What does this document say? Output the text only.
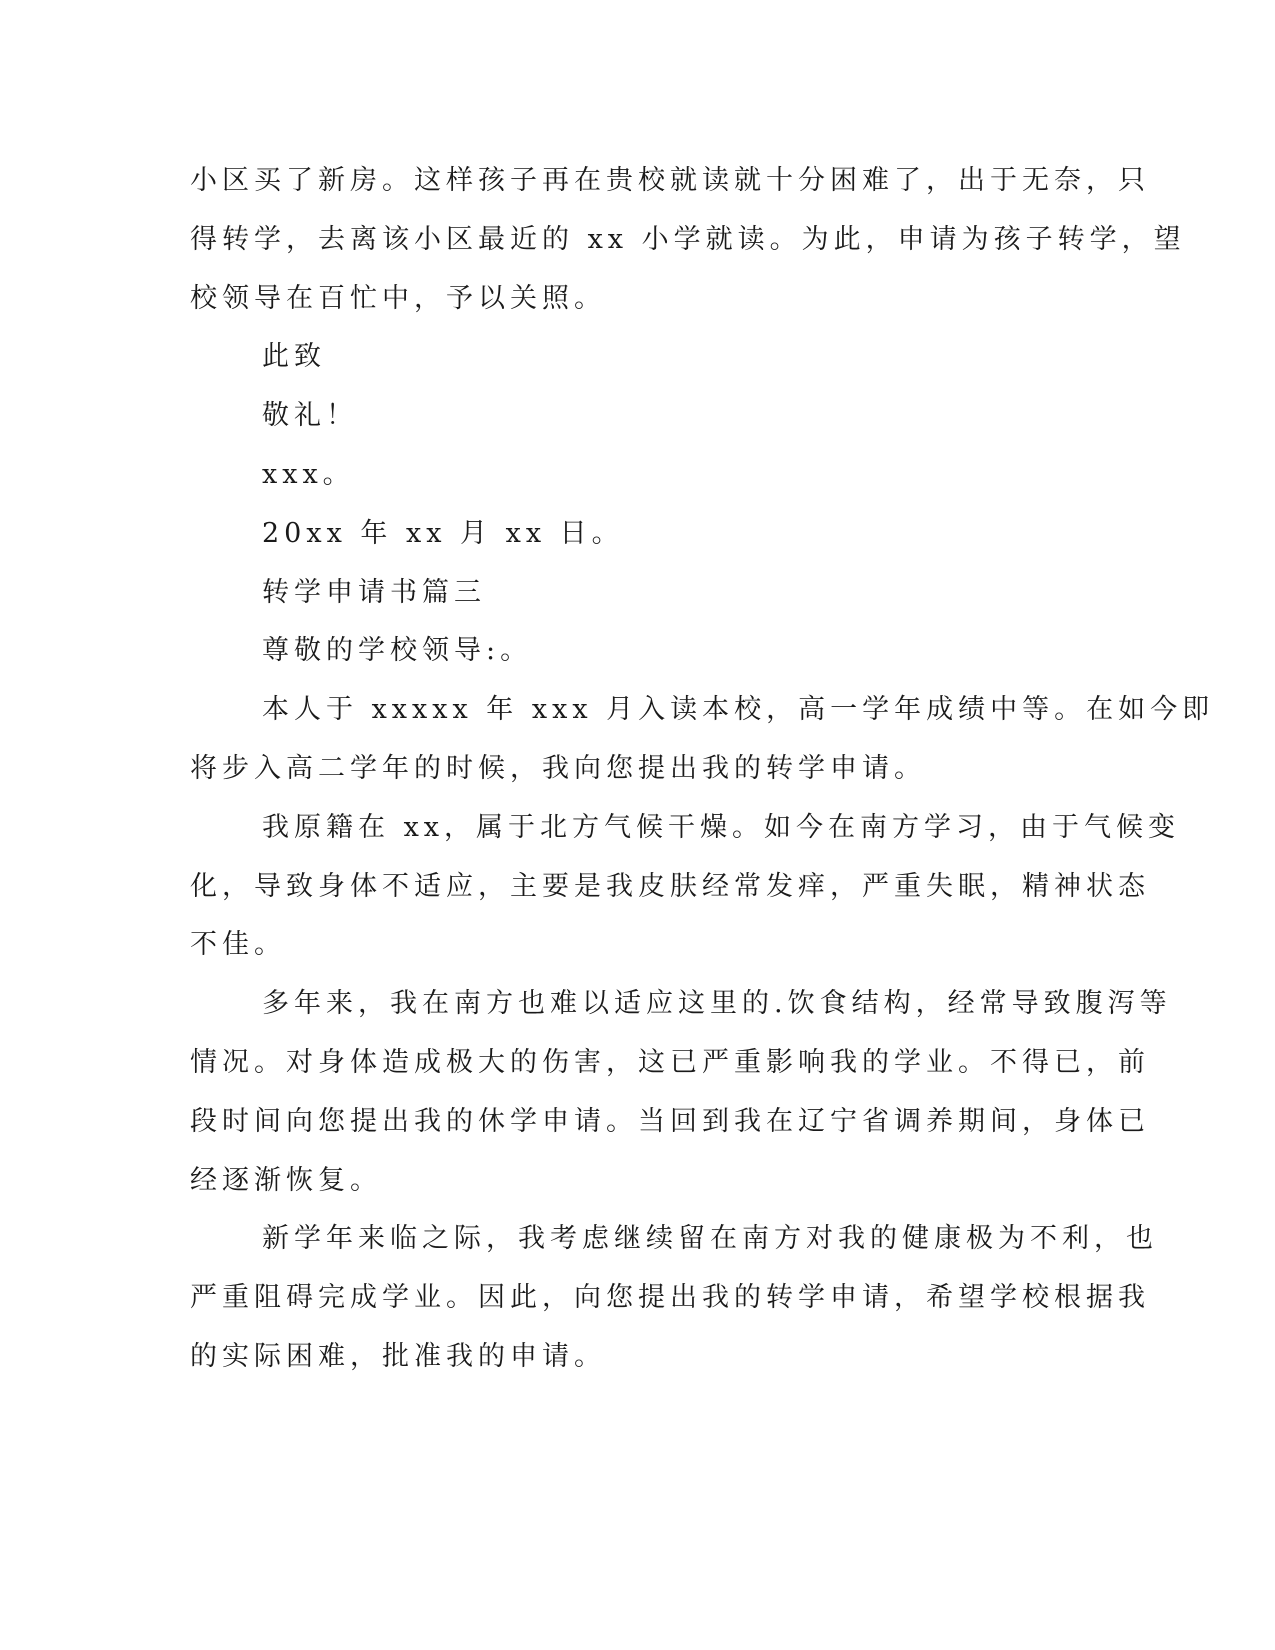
小区买了新房。这样孩子再在贵校就读就十分困难了，出于无奈，只
得转学，去离该小区最近的 xx 小学就读。为此，申请为孩子转学，望
校领导在百忙中，予以关照。
此致
敬礼！
xxx。
20xx 年 xx 月 xx 日。
转学申请书篇三
尊敬的学校领导:。
本人于 xxxxx 年 xxx 月入读本校，高一学年成绩中等。在如今即
将步入高二学年的时候，我向您提出我的转学申请。
我原籍在 xx，属于北方气候干燥。如今在南方学习，由于气候变
化，导致身体不适应，主要是我皮肤经常发痒，严重失眠，精神状态
不佳。
多年来，我在南方也难以适应这里的.饮食结构，经常导致腹泻等
情况。对身体造成极大的伤害，这已严重影响我的学业。不得已，前
段时间向您提出我的休学申请。当回到我在辽宁省调养期间，身体已
经逐渐恢复。
新学年来临之际，我考虑继续留在南方对我的健康极为不利，也
严重阻碍完成学业。因此，向您提出我的转学申请，希望学校根据我
的实际困难，批准我的申请。
